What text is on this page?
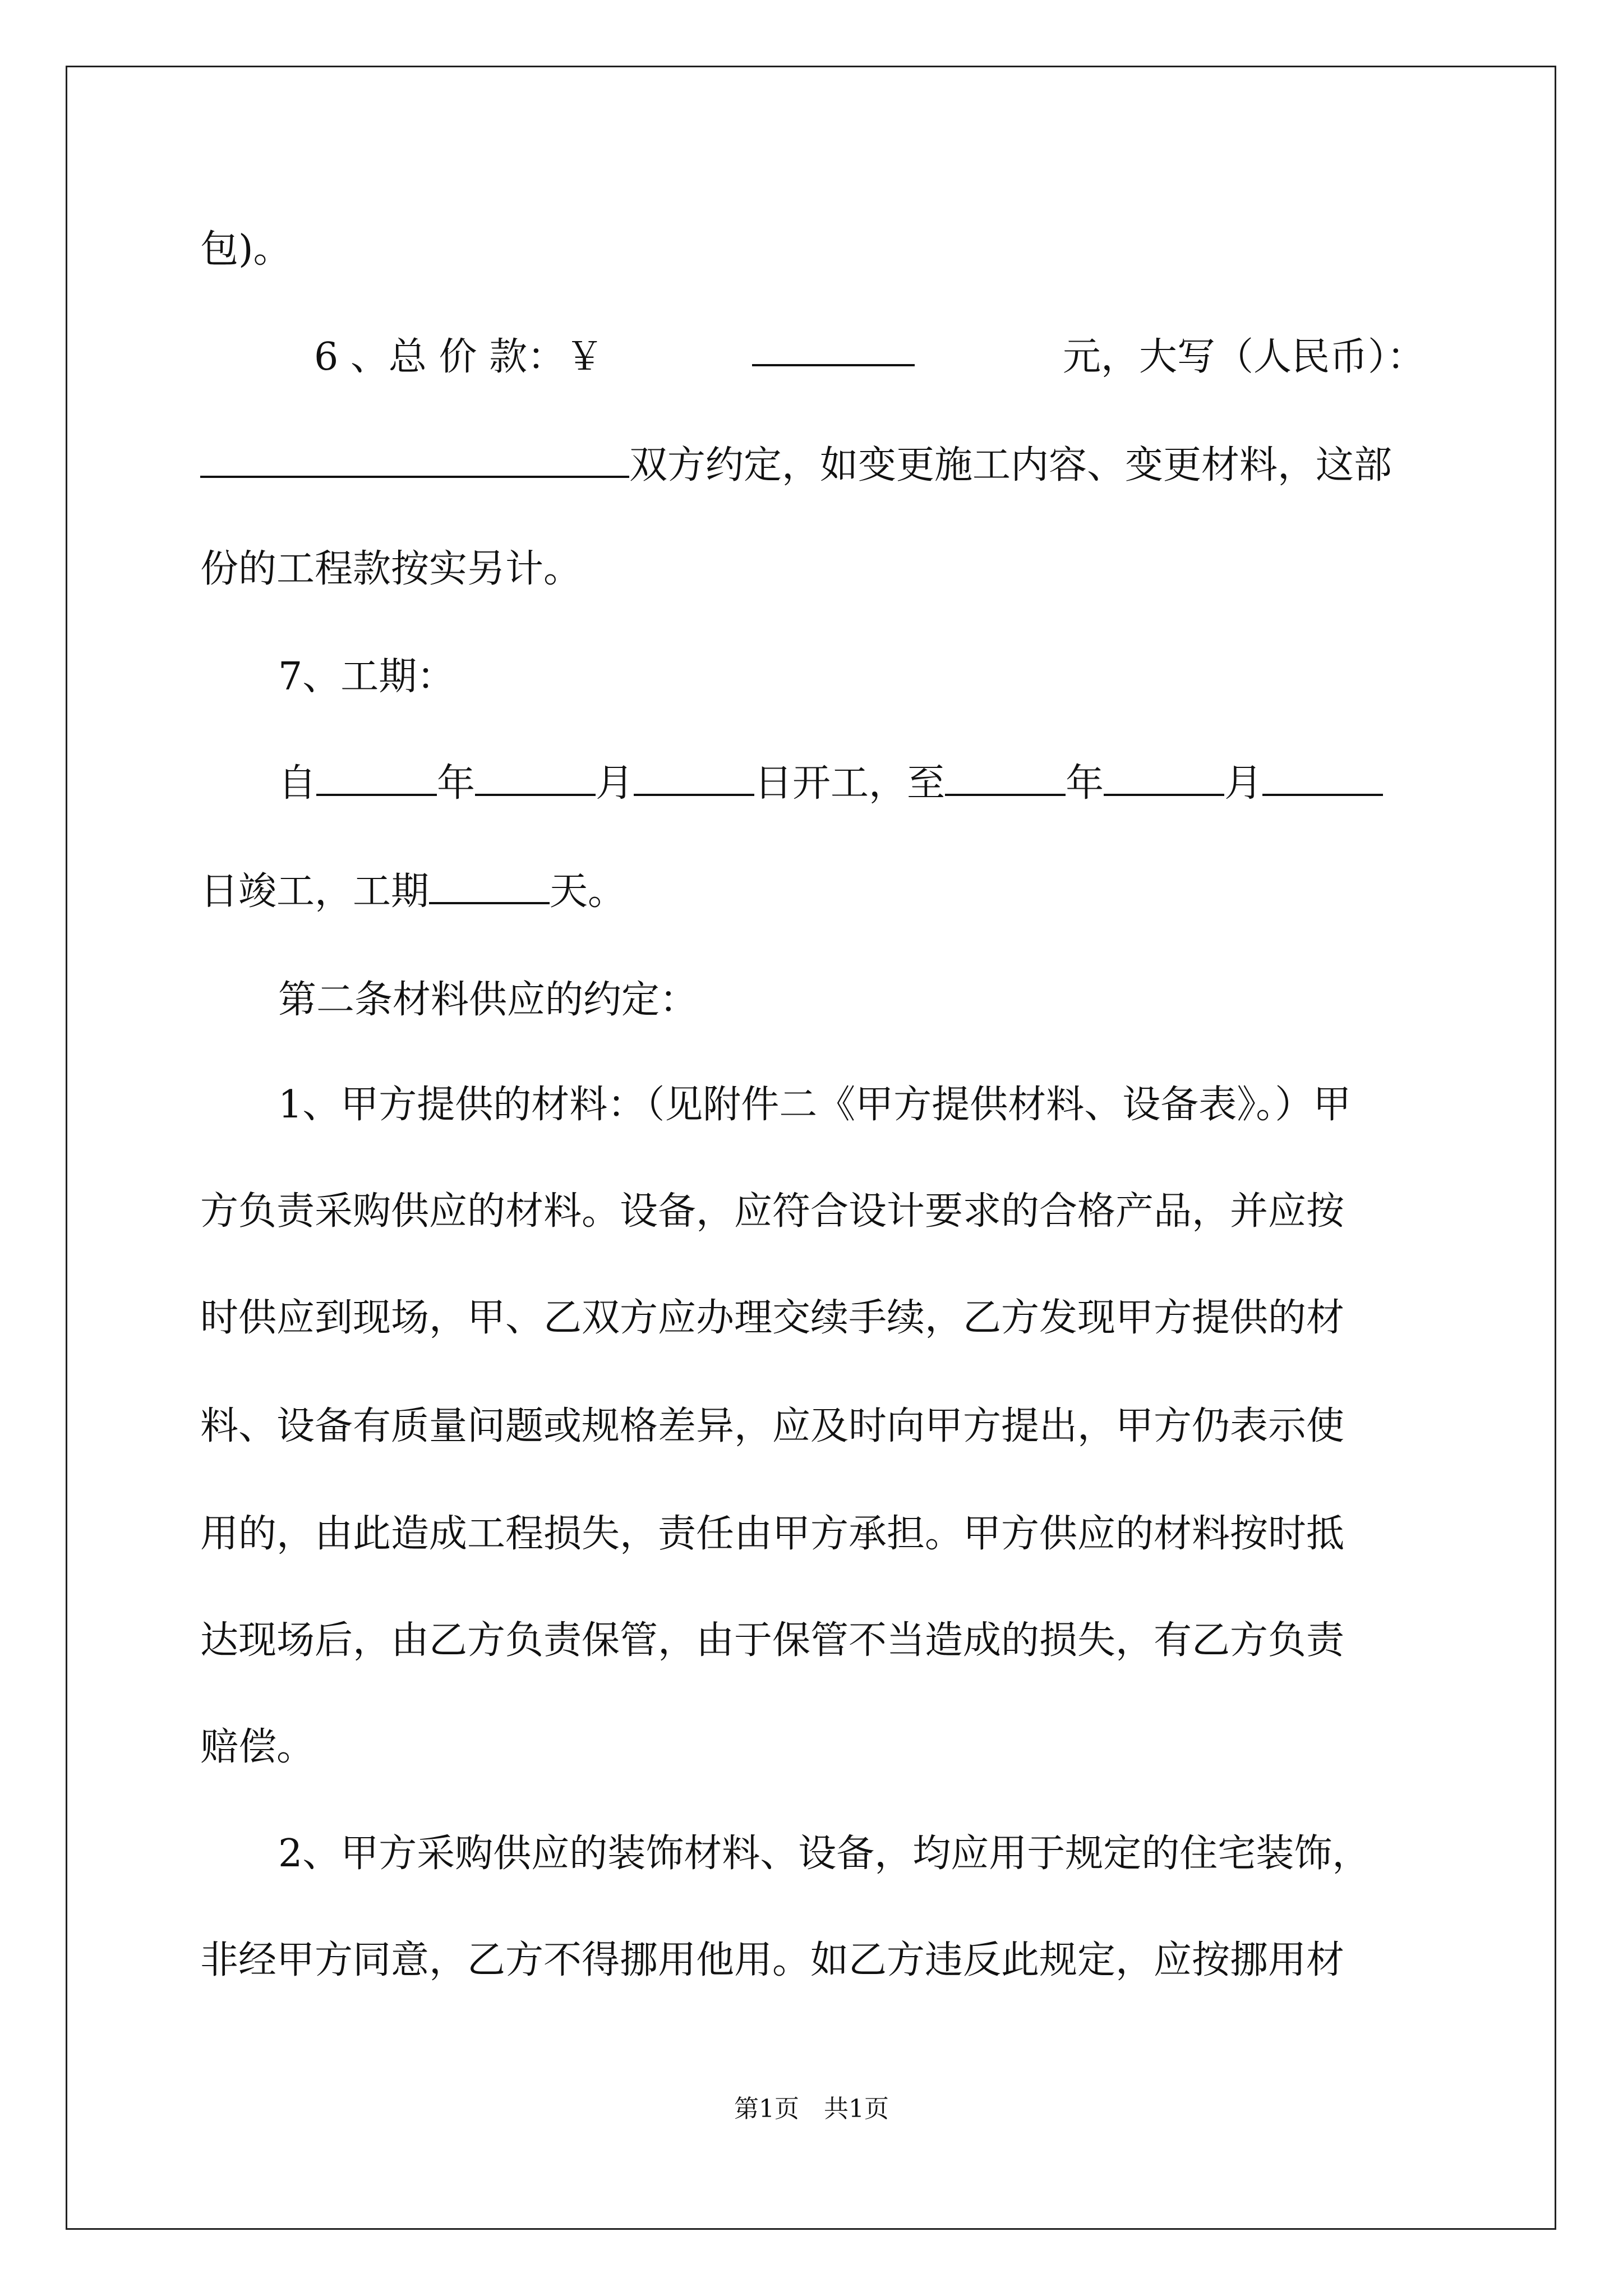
包)。
6 、总 价 款：￥	元，大写（人民币）：
双方约定，如变更施工内容、变更材料，这部
份的工程款按实另计。
7、工期：
自	年	月	日开工，至	年	月
日竣工，工期	天。
第二条材料供应的约定：
1、甲方提供的材料：（见附件二《甲方提供材料、设备表》。）甲
方负责采购供应的材料。设备，应符合设计要求的合格产品，并应按
时供应到现场，甲、乙双方应办理交续手续，乙方发现甲方提供的材
料、设备有质量问题或规格差异，应及时向甲方提出，甲方仍表示使
用的，由此造成工程损失，责任由甲方承担。甲方供应的材料按时抵
达现场后，由乙方负责保管，由于保管不当造成的损失，有乙方负责
赔偿。
2、甲方采购供应的装饰材料、设备，均应用于规定的住宅装饰，
非经甲方同意，乙方不得挪用他用。如乙方违反此规定，应按挪用材
第1页　共1页
